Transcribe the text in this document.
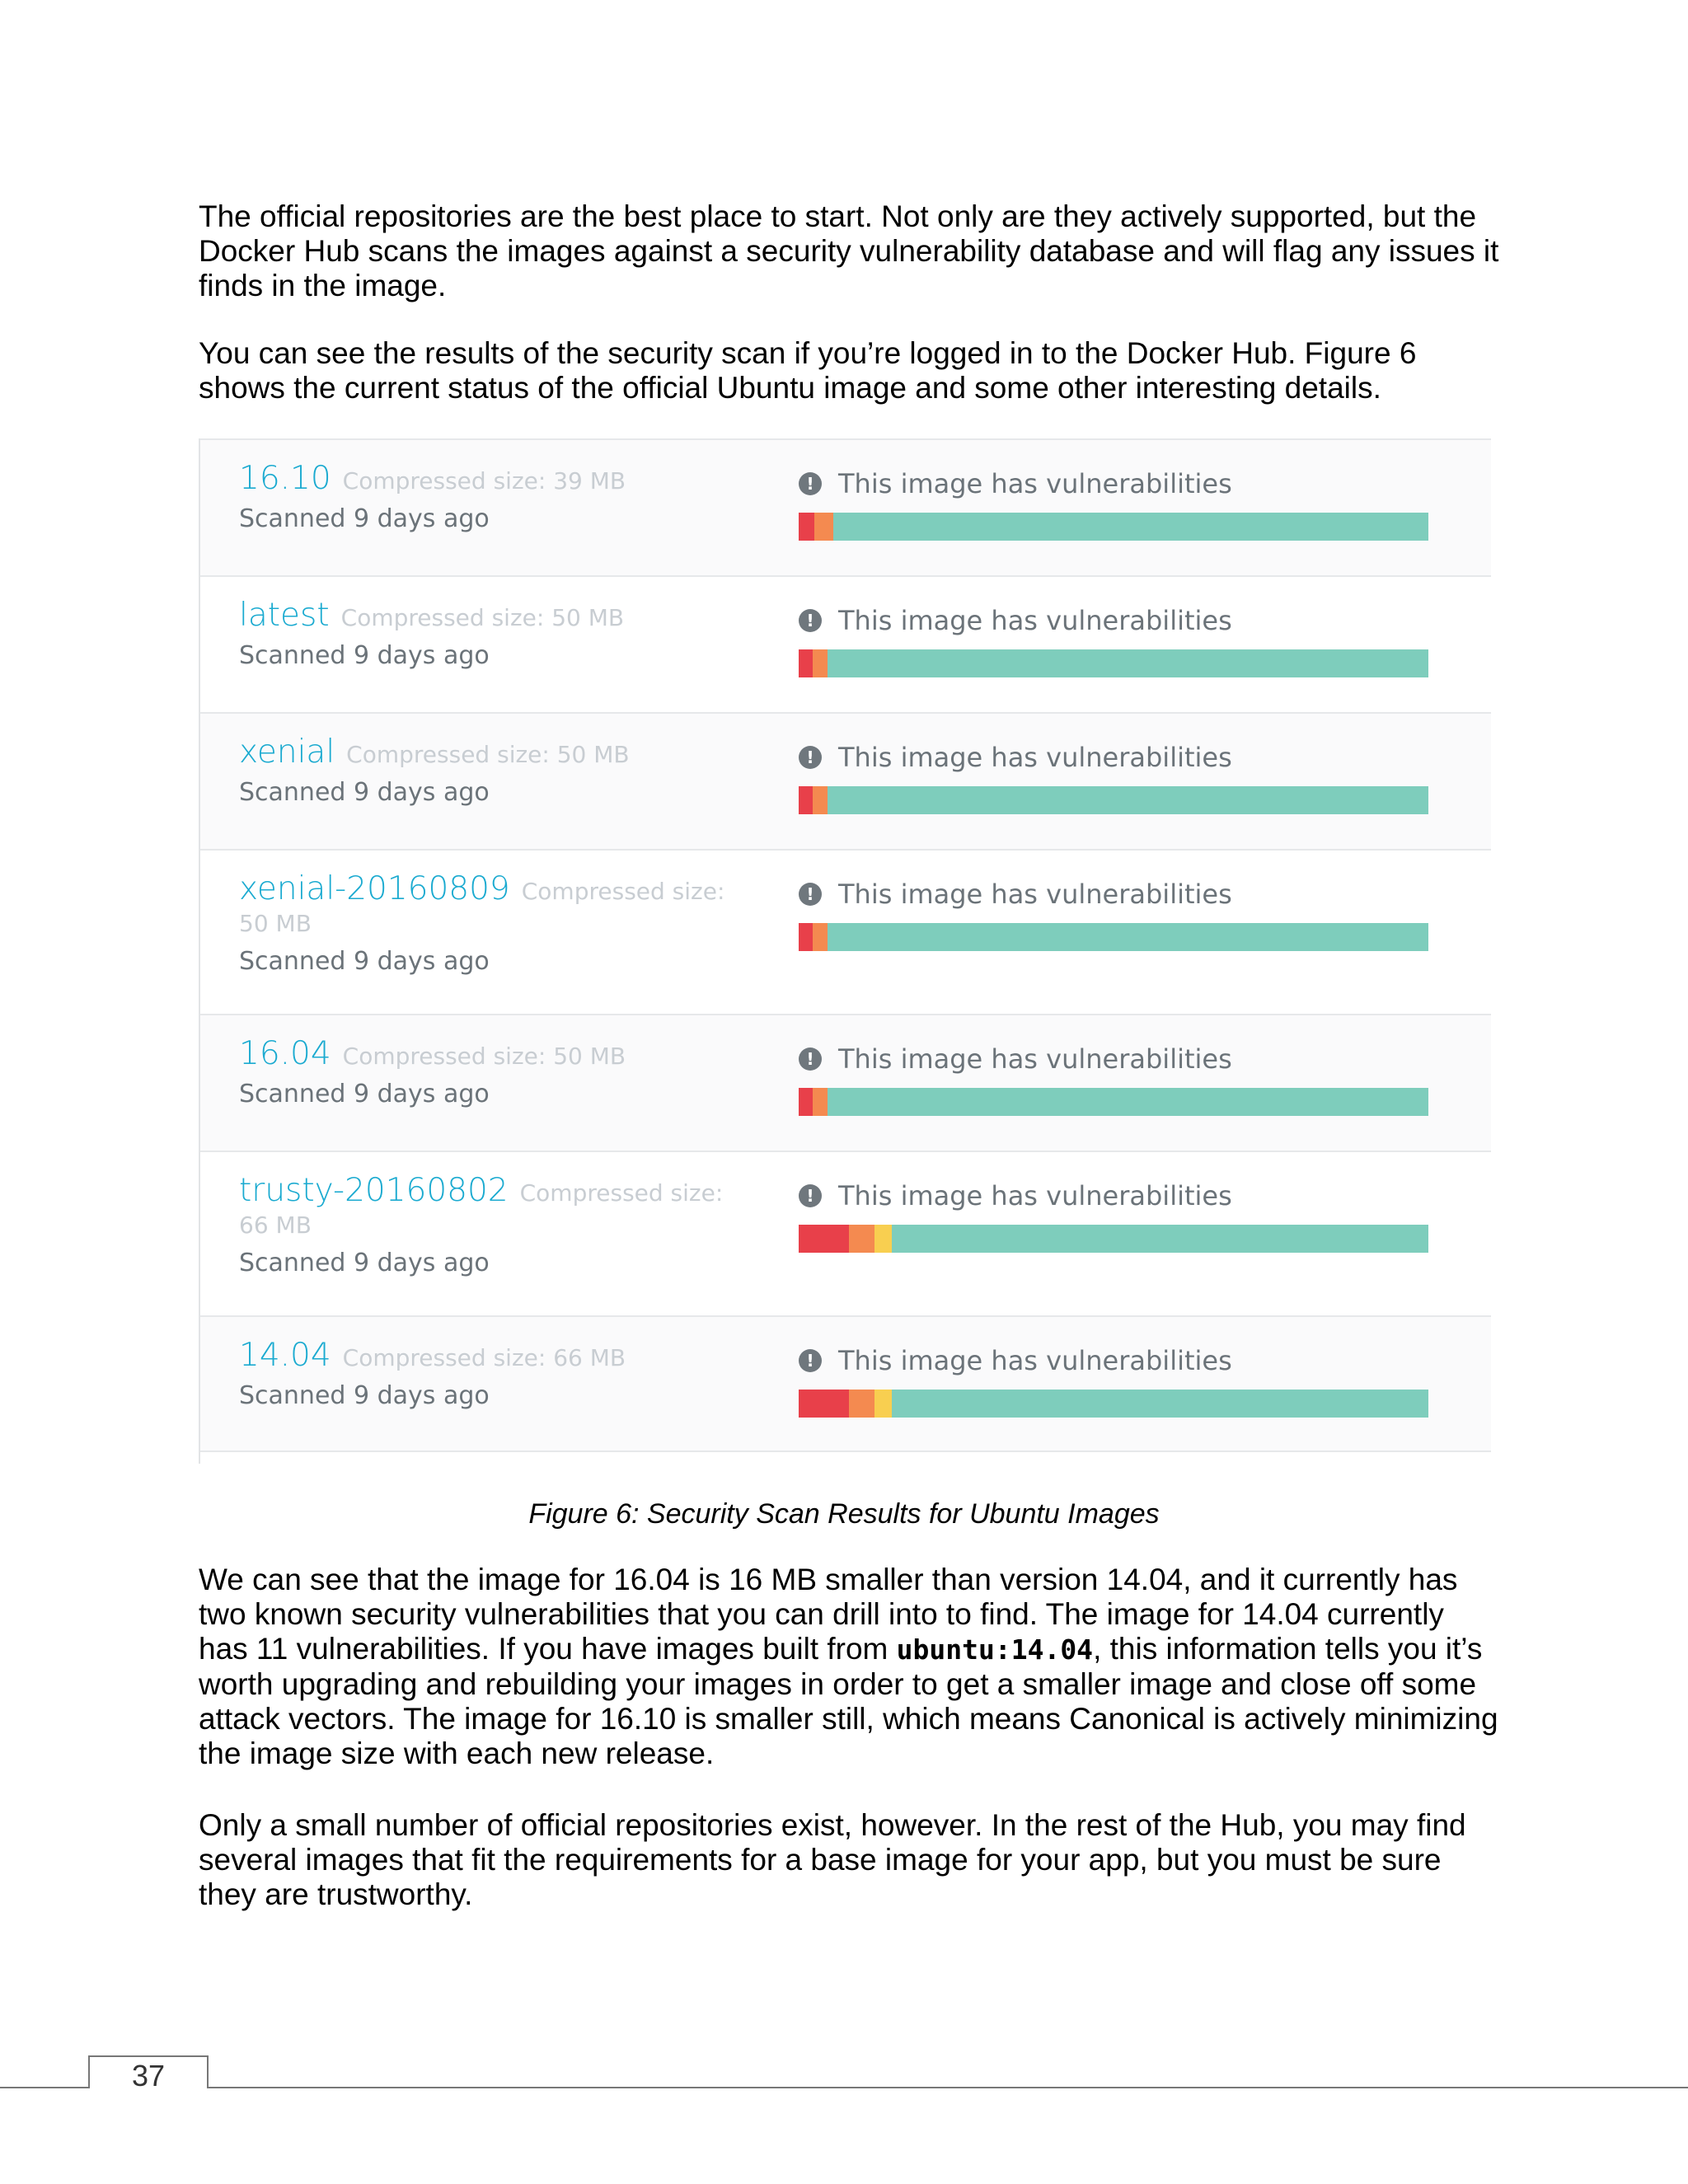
The official repositories are the best place to start. Not only are they actively supported, but the Docker Hub scans the images against a security vulnerability database and will flag any issues it finds in the image.

You can see the results of the security scan if you’re logged in to the Docker Hub. Figure 6 shows the current status of the official Ubuntu image and some other interesting details.

16.10 Compressed size: 39 MB
Scanned 9 days ago
! This image has vulnerabilities
latest Compressed size: 50 MB
Scanned 9 days ago
! This image has vulnerabilities
xenial Compressed size: 50 MB
Scanned 9 days ago
! This image has vulnerabilities
xenial-20160809 Compressed size: 50 MB
Scanned 9 days ago
! This image has vulnerabilities
16.04 Compressed size: 50 MB
Scanned 9 days ago
! This image has vulnerabilities
trusty-20160802 Compressed size: 66 MB
Scanned 9 days ago
! This image has vulnerabilities
14.04 Compressed size: 66 MB
Scanned 9 days ago
! This image has vulnerabilities

Figure 6: Security Scan Results for Ubuntu Images

We can see that the image for 16.04 is 16 MB smaller than version 14.04, and it currently has two known security vulnerabilities that you can drill into to find. The image for 14.04 currently has 11 vulnerabilities. If you have images built from ubuntu:14.04, this information tells you it’s worth upgrading and rebuilding your images in order to get a smaller image and close off some attack vectors. The image for 16.10 is smaller still, which means Canonical is actively minimizing the image size with each new release.

Only a small number of official repositories exist, however. In the rest of the Hub, you may find several images that fit the requirements for a base image for your app, but you must be sure they are trustworthy.

37
